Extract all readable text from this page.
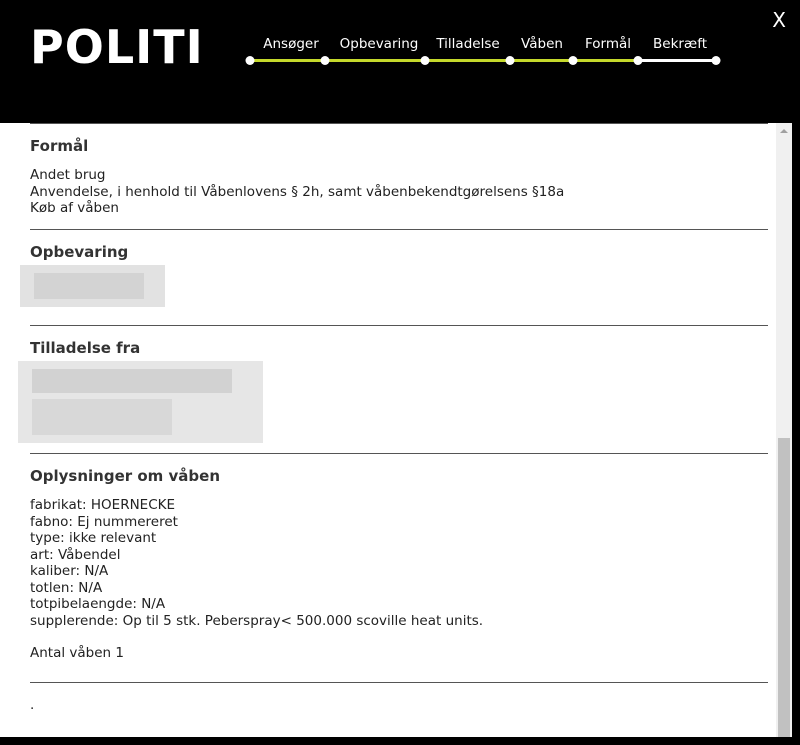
POLITI	X
Ansøger Opbevaring Tilladelse Våben Formål Bekræft
Formål
Andet brug
Anvendelse, i henhold til Våbenlovens § 2h, samt våbenbekendtgørelsens §18a
Køb af våben
Opbevaring
Tilladelse fra
Oplysninger om våben
fabrikat: HOERNECKE
fabno: Ej nummereret
type: ikke relevant
art: Våbendel
kaliber: N/A
totlen: N/A
totpibelaengde: N/A
supplerende: Op til 5 stk. Peberspray< 500.000 scoville heat units.
Antal våben 1
.
